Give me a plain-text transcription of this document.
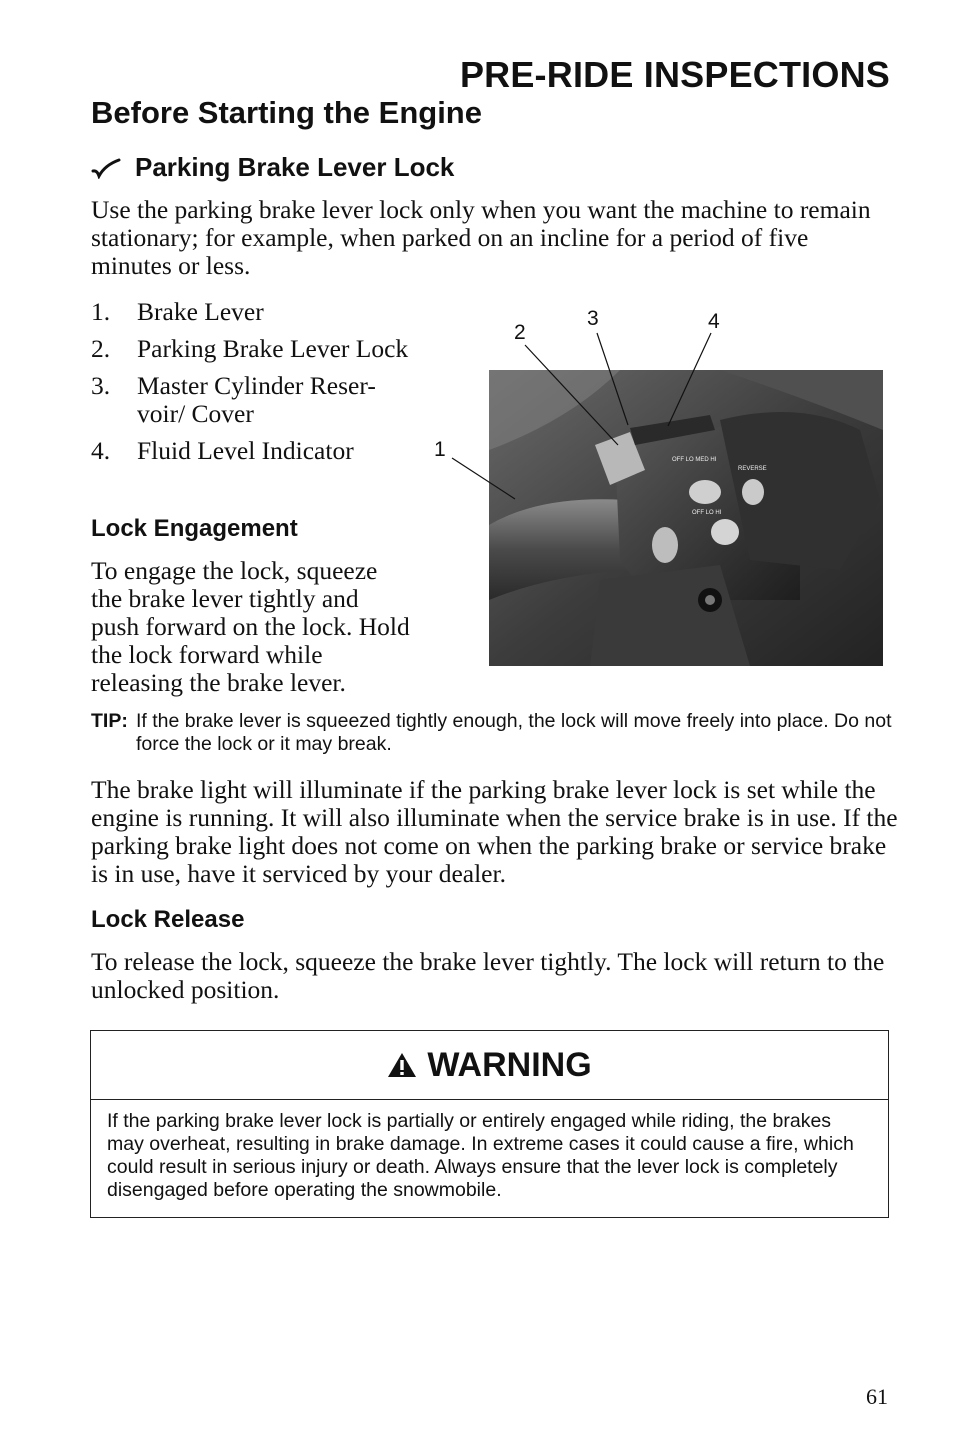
PRE-RIDE INSPECTIONS
Before Starting the Engine
Parking Brake Lever Lock

Use the parking brake lever lock only when you want the machine to remain stationary; for example, when parked on an incline for a period of five minutes or less.

1. Brake Lever
2. Parking Brake Lever Lock
3. Master Cylinder Reser-voir/ Cover
4. Fluid Level Indicator
Lock Engagement

To engage the lock, squeeze the brake lever tightly and push forward on the lock. Hold the lock forward while releasing the brake lever.

OFF LO MED HI
OFF LO HI
REVERSE
1
2
3	4
TIP: If the brake lever is squeezed tightly enough, the lock will move freely into place. Do not force the lock or it may break.

The brake light will illuminate if the parking brake lever lock is set while the engine is running. It will also illuminate when the service brake is in use. If the parking brake light does not come on when the parking brake or service brake is in use, have it serviced by your dealer.

Lock Release

To release the lock, squeeze the brake lever tightly. The lock will return to the unlocked position.

WARNING
If the parking brake lever lock is partially or entirely engaged while riding, the brakes may overheat, resulting in brake damage. In extreme cases it could cause a fire, which could result in serious injury or death. Always ensure that the lever lock is completely disengaged before operating the snowmobile.
61
